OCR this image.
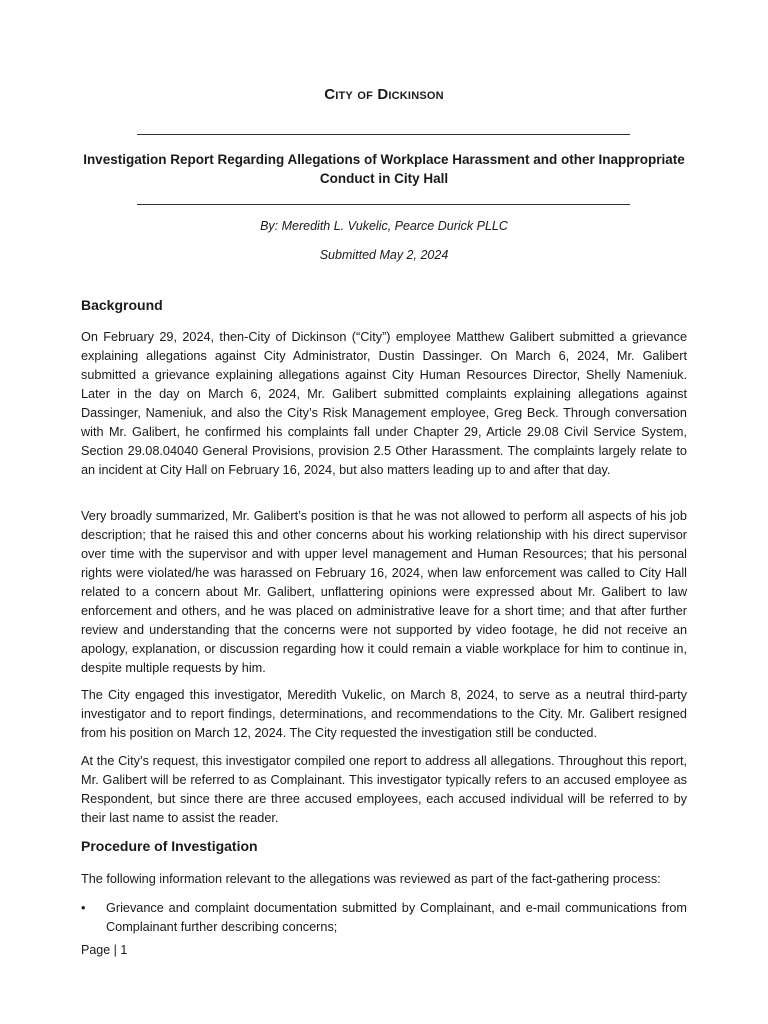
City of Dickinson
Investigation Report Regarding Allegations of Workplace Harassment and other Inappropriate Conduct in City Hall
By: Meredith L. Vukelic, Pearce Durick PLLC
Submitted May 2, 2024
Background

On February 29, 2024, then-City of Dickinson (“City”) employee Matthew Galibert submitted a grievance explaining allegations against City Administrator, Dustin Dassinger. On March 6, 2024, Mr. Galibert submitted a grievance explaining allegations against City Human Resources Director, Shelly Nameniuk. Later in the day on March 6, 2024, Mr. Galibert submitted complaints explaining allegations against Dassinger, Nameniuk, and also the City’s Risk Management employee, Greg Beck. Through conversation with Mr. Galibert, he confirmed his complaints fall under Chapter 29, Article 29.08 Civil Service System, Section 29.08.04040 General Provisions, provision 2.5 Other Harassment. The complaints largely relate to an incident at City Hall on February 16, 2024, but also matters leading up to and after that day.

Very broadly summarized, Mr. Galibert’s position is that he was not allowed to perform all aspects of his job description; that he raised this and other concerns about his working relationship with his direct supervisor over time with the supervisor and with upper level management and Human Resources; that his personal rights were violated/he was harassed on February 16, 2024, when law enforcement was called to City Hall related to a concern about Mr. Galibert, unflattering opinions were expressed about Mr. Galibert to law enforcement and others, and he was placed on administrative leave for a short time; and that after further review and understanding that the concerns were not supported by video footage, he did not receive an apology, explanation, or discussion regarding how it could remain a viable workplace for him to continue in, despite multiple requests by him.

The City engaged this investigator, Meredith Vukelic, on March 8, 2024, to serve as a neutral third-party investigator and to report findings, determinations, and recommendations to the City. Mr. Galibert resigned from his position on March 12, 2024. The City requested the investigation still be conducted.

At the City’s request, this investigator compiled one report to address all allegations. Throughout this report, Mr. Galibert will be referred to as Complainant. This investigator typically refers to an accused employee as Respondent, but since there are three accused employees, each accused individual will be referred to by their last name to assist the reader.

Procedure of Investigation

The following information relevant to the allegations was reviewed as part of the fact-gathering process:

• Grievance and complaint documentation submitted by Complainant, and e-mail communications from Complainant further describing concerns;

Page | 1
